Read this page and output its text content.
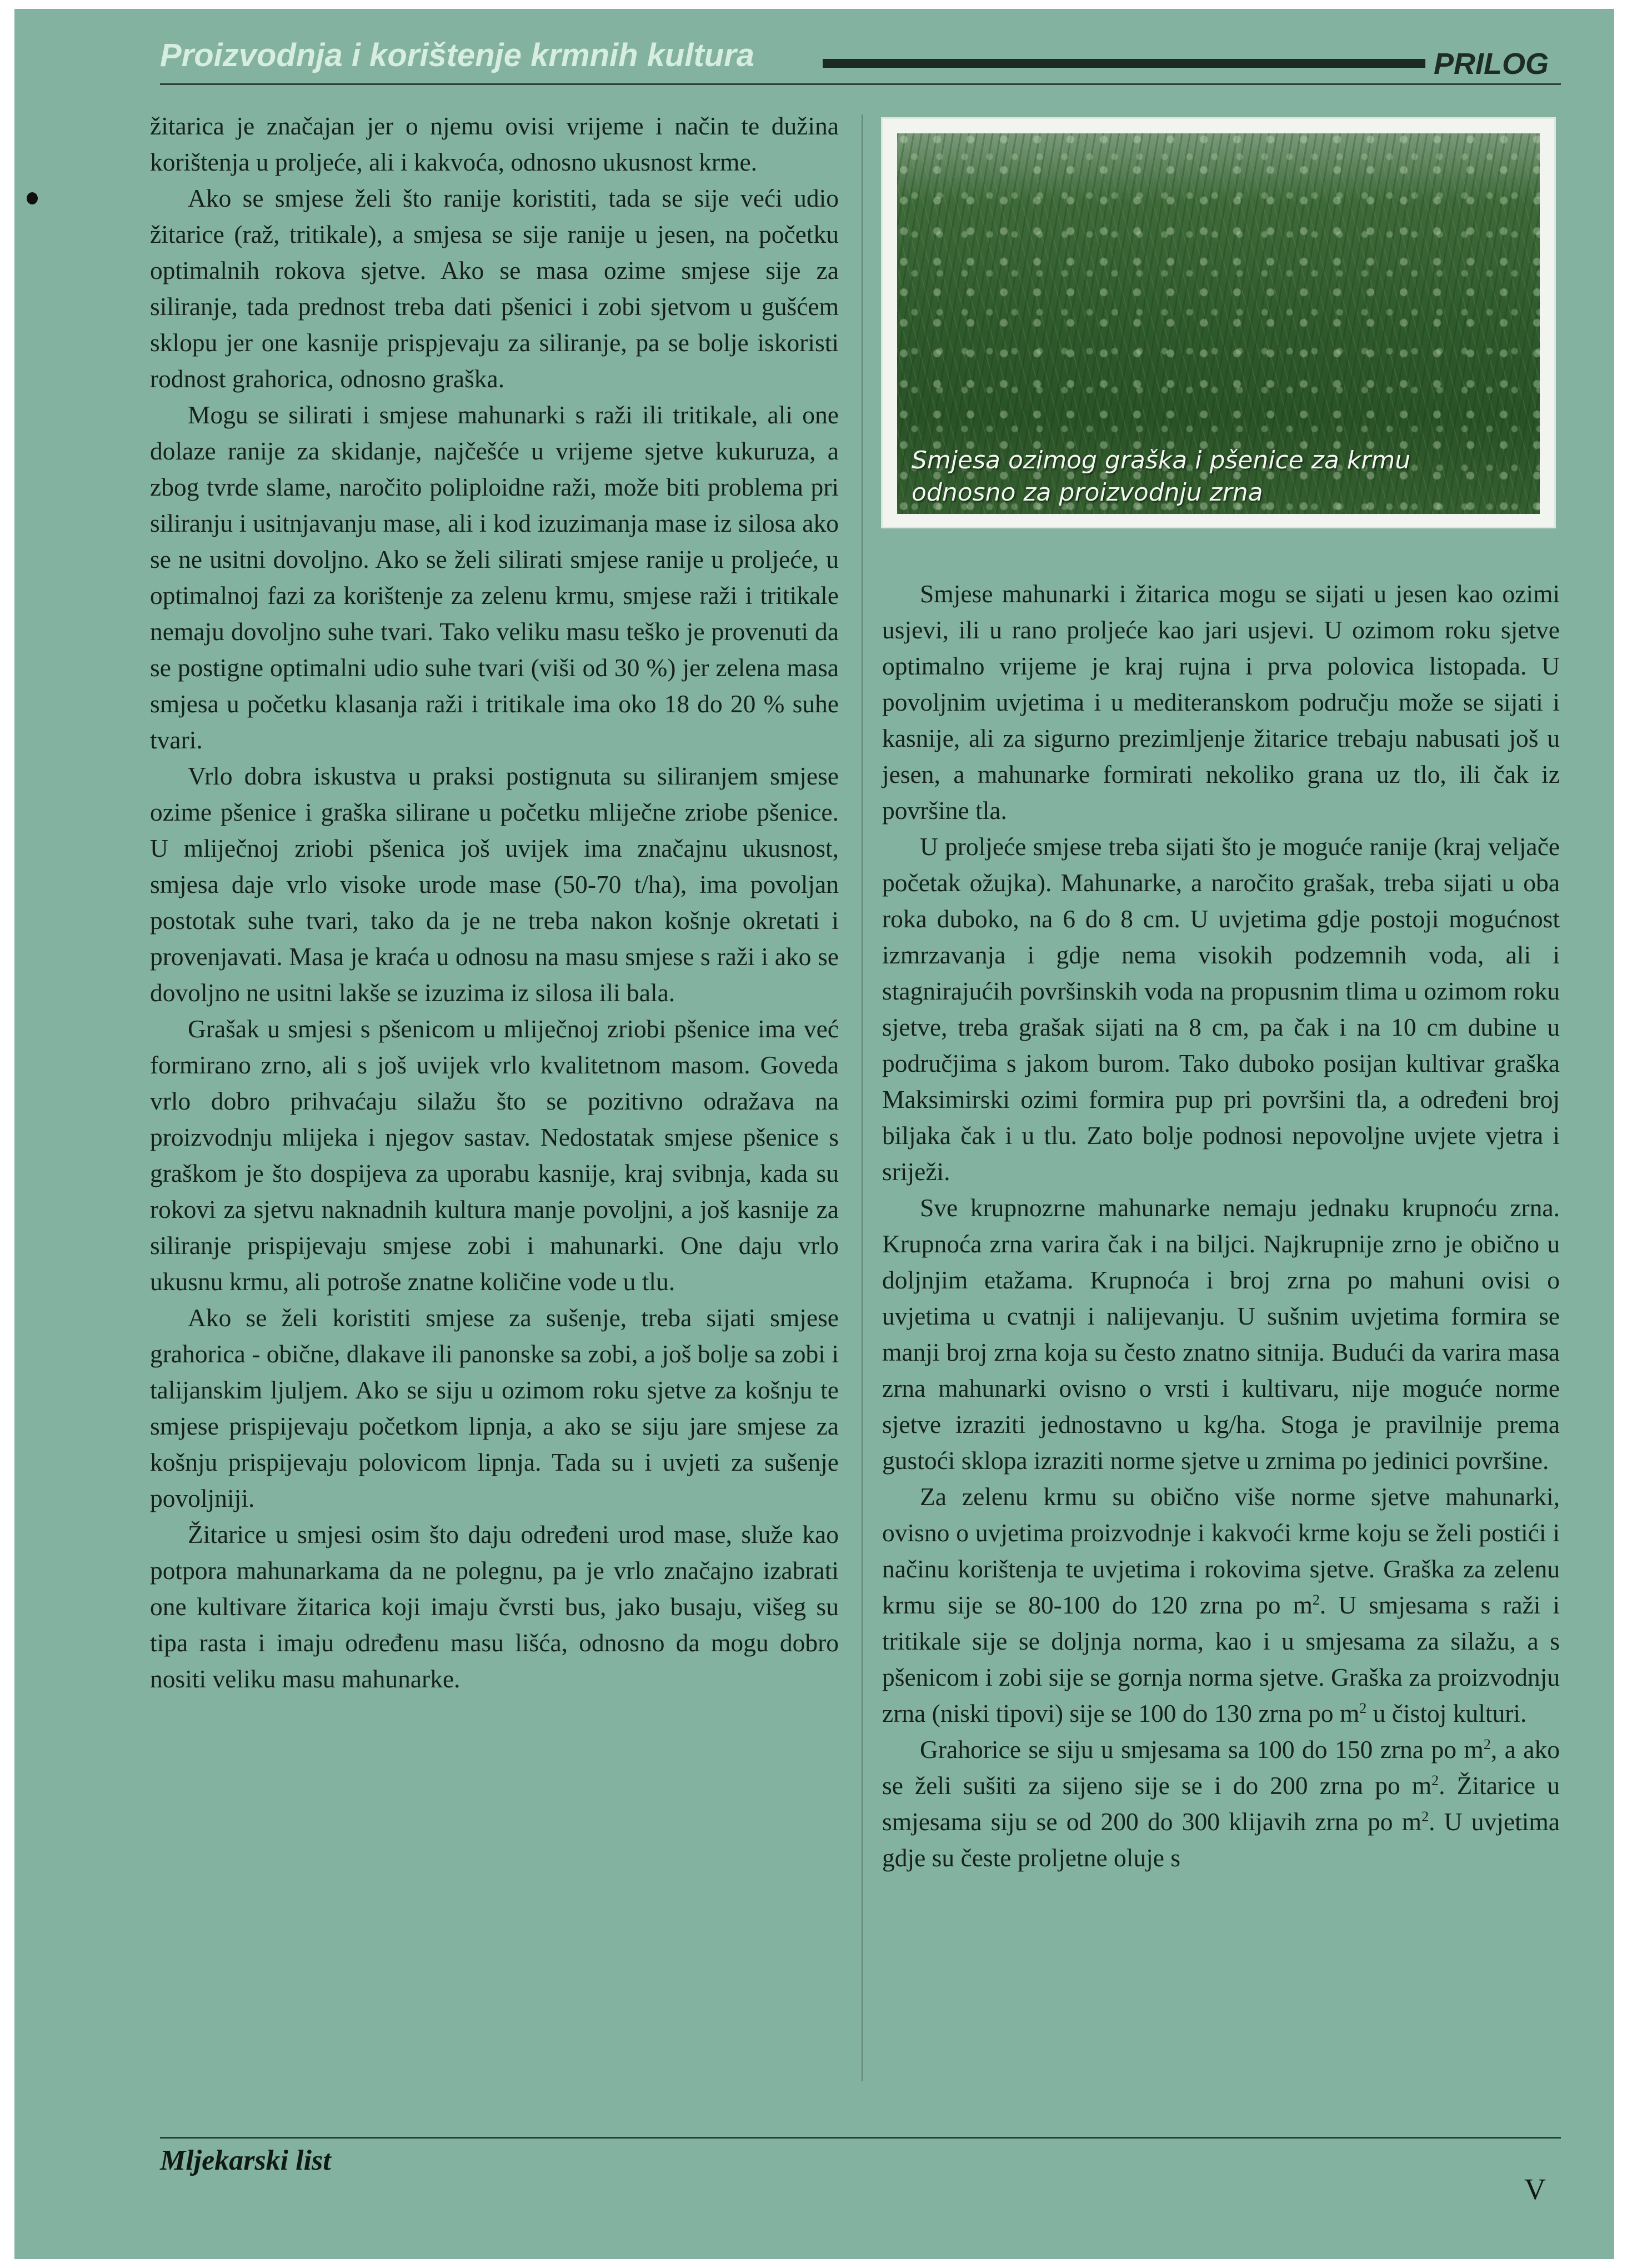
Proizvodnja i korištenje krmnih kultura	PRILOG

žitarica je značajan jer o njemu ovisi vrijeme i način te dužina korištenja u proljeće, ali i kakvoća, odnosno ukusnost krme.

Ako se smjese želi što ranije koristiti, tada se sije veći udio žitarice (raž, tritikale), a smjesa se sije ranije u jesen, na početku optimalnih rokova sjetve. Ako se masa ozime smjese sije za siliranje, tada prednost treba dati pšenici i zobi sjetvom u gušćem sklopu jer one kasnije prispjevaju za siliranje, pa se bolje iskoristi rodnost grahorica, odnosno graška.

Mogu se silirati i smjese mahunarki s raži ili tritikale, ali one dolaze ranije za skidanje, najčešće u vrijeme sjetve kukuruza, a zbog tvrde slame, naročito poliploidne raži, može biti problema pri siliranju i usitnjavanju mase, ali i kod izuzimanja mase iz silosa ako se ne usitni dovoljno. Ako se želi silirati smjese ranije u proljeće, u optimalnoj fazi za korištenje za zelenu krmu, smjese raži i tritikale nemaju dovoljno suhe tvari. Tako veliku masu teško je provenuti da se postigne optimalni udio suhe tvari (viši od 30 %) jer zelena masa smjesa u početku klasanja raži i tritikale ima oko 18 do 20 % suhe tvari.

Vrlo dobra iskustva u praksi postignuta su siliranjem smjese ozime pšenice i graška silirane u početku mliječne zriobe pšenice. U mliječnoj zriobi pšenica još uvijek ima značajnu ukusnost, smjesa daje vrlo visoke urode mase (50-70 t/ha), ima povoljan postotak suhe tvari, tako da je ne treba nakon košnje okretati i provenjavati. Masa je kraća u odnosu na masu smjese s raži i ako se dovoljno ne usitni lakše se izuzima iz silosa ili bala.

Grašak u smjesi s pšenicom u mliječnoj zriobi pšenice ima već formirano zrno, ali s još uvijek vrlo kvalitetnom masom. Goveda vrlo dobro prihvaćaju silažu što se pozitivno odražava na proizvodnju mlijeka i njegov sastav. Nedostatak smjese pšenice s graškom je što dospijeva za uporabu kasnije, kraj svibnja, kada su rokovi za sjetvu naknadnih kultura manje povoljni, a još kasnije za siliranje prispijevaju smjese zobi i mahunarki. One daju vrlo ukusnu krmu, ali potroše znatne količine vode u tlu.

Ako se želi koristiti smjese za sušenje, treba sijati smjese grahorica - obične, dlakave ili panonske sa zobi, a još bolje sa zobi i talijanskim ljuljem. Ako se siju u ozimom roku sjetve za košnju te smjese prispijevaju početkom lipnja, a ako se siju jare smjese za košnju prispijevaju polovicom lipnja. Tada su i uvjeti za sušenje povoljniji.

Žitarice u smjesi osim što daju određeni urod mase, služe kao potpora mahunarkama da ne polegnu, pa je vrlo značajno izabrati one kultivare žitarica koji imaju čvrsti bus, jako busaju, višeg su tipa rasta i imaju određenu masu lišća, odnosno da mogu dobro nositi veliku masu mahunarke.

Smjesa ozimog graška i pšenice za krmu
odnosno za proizvodnju zrna

Smjese mahunarki i žitarica mogu se sijati u jesen kao ozimi usjevi, ili u rano proljeće kao jari usjevi. U ozimom roku sjetve optimalno vrijeme je kraj rujna i prva polovica listopada. U povoljnim uvjetima i u mediteranskom području može se sijati i kasnije, ali za sigurno prezimljenje žitarice trebaju nabusati još u jesen, a mahunarke formirati nekoliko grana uz tlo, ili čak iz površine tla.

U proljeće smjese treba sijati što je moguće ranije (kraj veljače početak ožujka). Mahunarke, a naročito grašak, treba sijati u oba roka duboko, na 6 do 8 cm. U uvjetima gdje postoji mogućnost izmrzavanja i gdje nema visokih podzemnih voda, ali i stagnirajućih površinskih voda na propusnim tlima u ozimom roku sjetve, treba grašak sijati na 8 cm, pa čak i na 10 cm dubine u područjima s jakom burom. Tako duboko posijan kultivar graška Maksimirski ozimi formira pup pri površini tla, a određeni broj biljaka čak i u tlu. Zato bolje podnosi nepovoljne uvjete vjetra i sriježi.

Sve krupnozrne mahunarke nemaju jednaku krupnoću zrna. Krupnoća zrna varira čak i na biljci. Najkrupnije zrno je obično u doljnjim etažama. Krupnoća i broj zrna po mahuni ovisi o uvjetima u cvatnji i nalijevanju. U sušnim uvjetima formira se manji broj zrna koja su često znatno sitnija. Budući da varira masa zrna mahunarki ovisno o vrsti i kultivaru, nije moguće norme sjetve izraziti jednostavno u kg/ha. Stoga je pravilnije prema gustoći sklopa izraziti norme sjetve u zrnima po jedinici površine.

Za zelenu krmu su obično više norme sjetve mahunarki, ovisno o uvjetima proizvodnje i kakvoći krme koju se želi postići i načinu korištenja te uvjetima i rokovima sjetve. Graška za zelenu krmu sije se 80-100 do 120 zrna po $m^2$. U smjesama s raži i tritikale sije se doljnja norma, kao i u smjesama za silažu, a s pšenicom i zobi sije se gornja norma sjetve. Graška za proizvodnju zrna (niski tipovi) sije se 100 do 130 zrna po $m^2$ u čistoj kulturi.

Grahorice se siju u smjesama sa 100 do 150 zrna po $m^2$, a ako se želi sušiti za sijeno sije se i do 200 zrna po $m^2$. Žitarice u smjesama siju se od 200 do 300 klijavih zrna po $m^2$. U uvjetima gdje su česte proljetne oluje s

Mljekarski list
V
